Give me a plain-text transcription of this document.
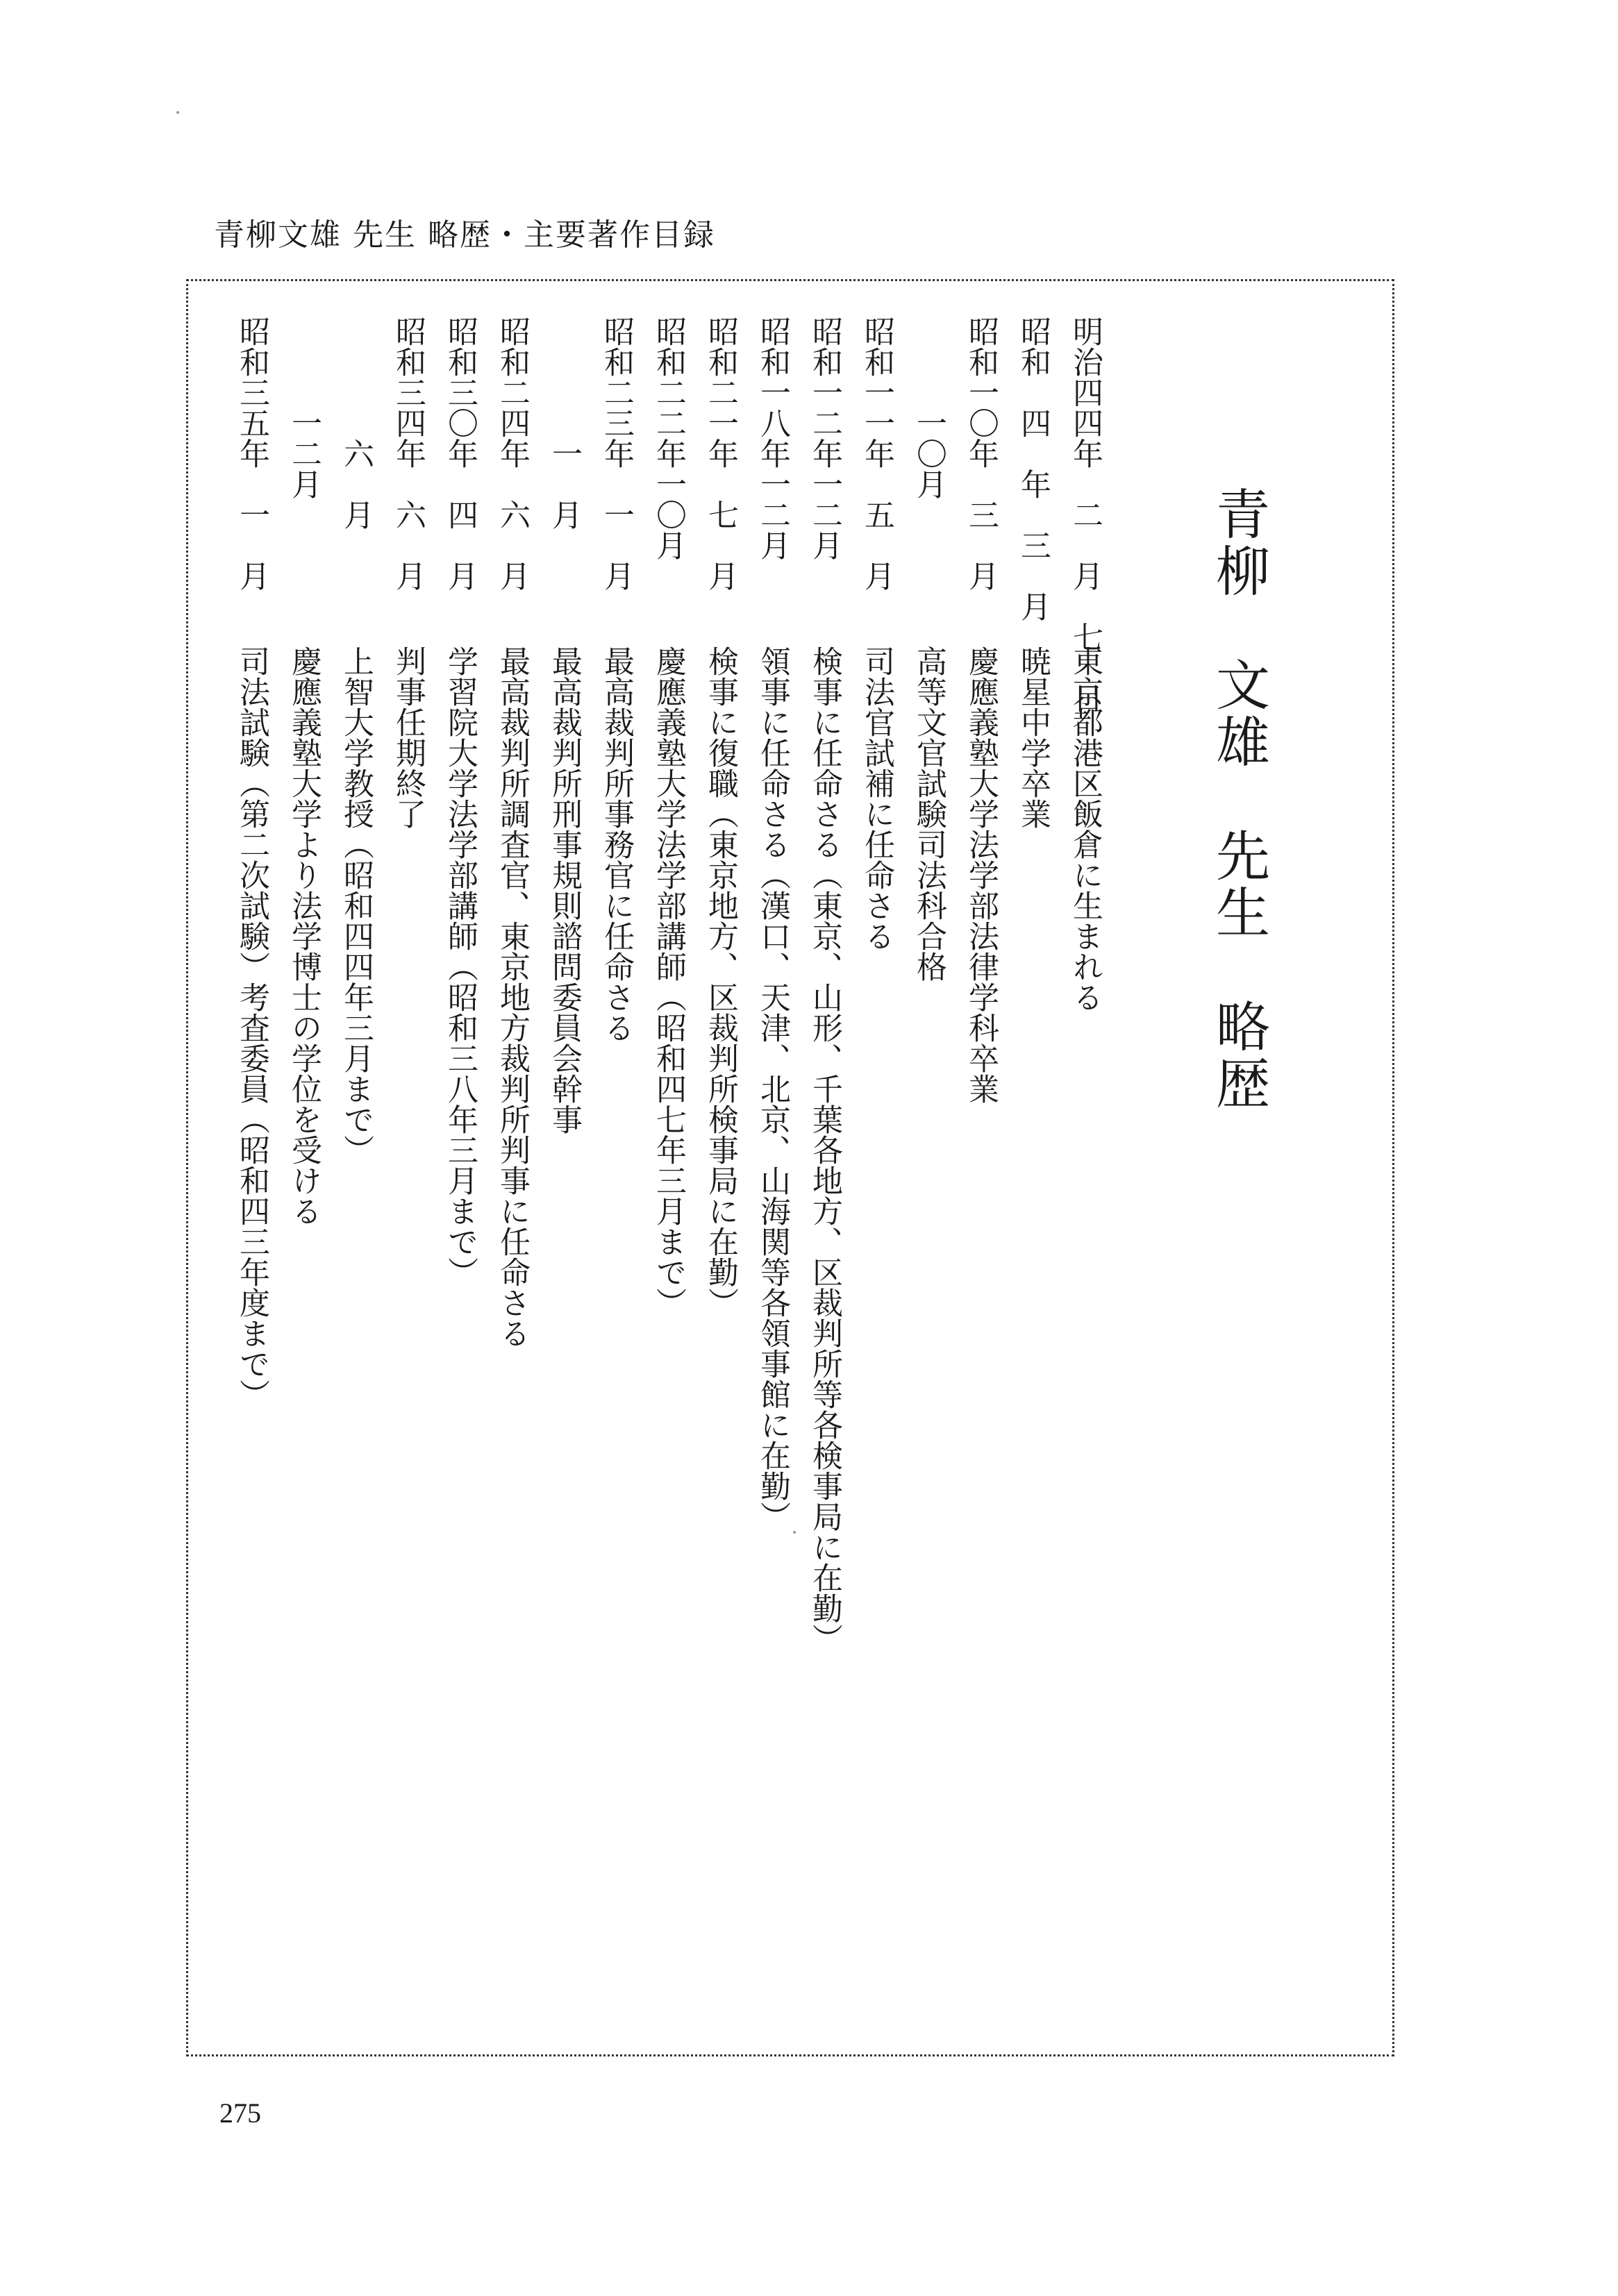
青柳文雄 先生 略歴・主要著作目録
青柳　文雄　先生　略歴
明治四四年　二　月　七　日
東京都港区飯倉に生まれる
昭和　四　年　三　月
暁星中学卒業
昭和一〇年　三　月
慶應義塾大学法学部法律学科卒業
　　　一〇月
高等文官試験司法科合格
昭和一一年　五　月
司法官試補に任命さる
昭和一二年一二月
検事に任命さる（東京、山形、千葉各地方、区裁判所等各検事局に在勤）
昭和一八年一二月
領事に任命さる（漢口、天津、北京、山海関等各領事館に在勤）
昭和二一年　七　月
検事に復職（東京地方、区裁判所検事局に在勤）
昭和二二年一〇月
慶應義塾大学法学部講師（昭和四七年三月まで）
昭和二三年　一　月
最高裁判所事務官に任命さる
　　　　一　月
最高裁判所刑事規則諮問委員会幹事
昭和二四年　六　月
最高裁判所調査官、東京地方裁判所判事に任命さる
昭和三〇年　四　月
学習院大学法学部講師（昭和三八年三月まで）
昭和三四年　六　月
判事任期終了
　　　　六　月
上智大学教授（昭和四四年三月まで）
　　　一二月
慶應義塾大学より法学博士の学位を受ける
昭和三五年　一　月
司法試験（第二次試験）考査委員（昭和四三年度まで）
275
